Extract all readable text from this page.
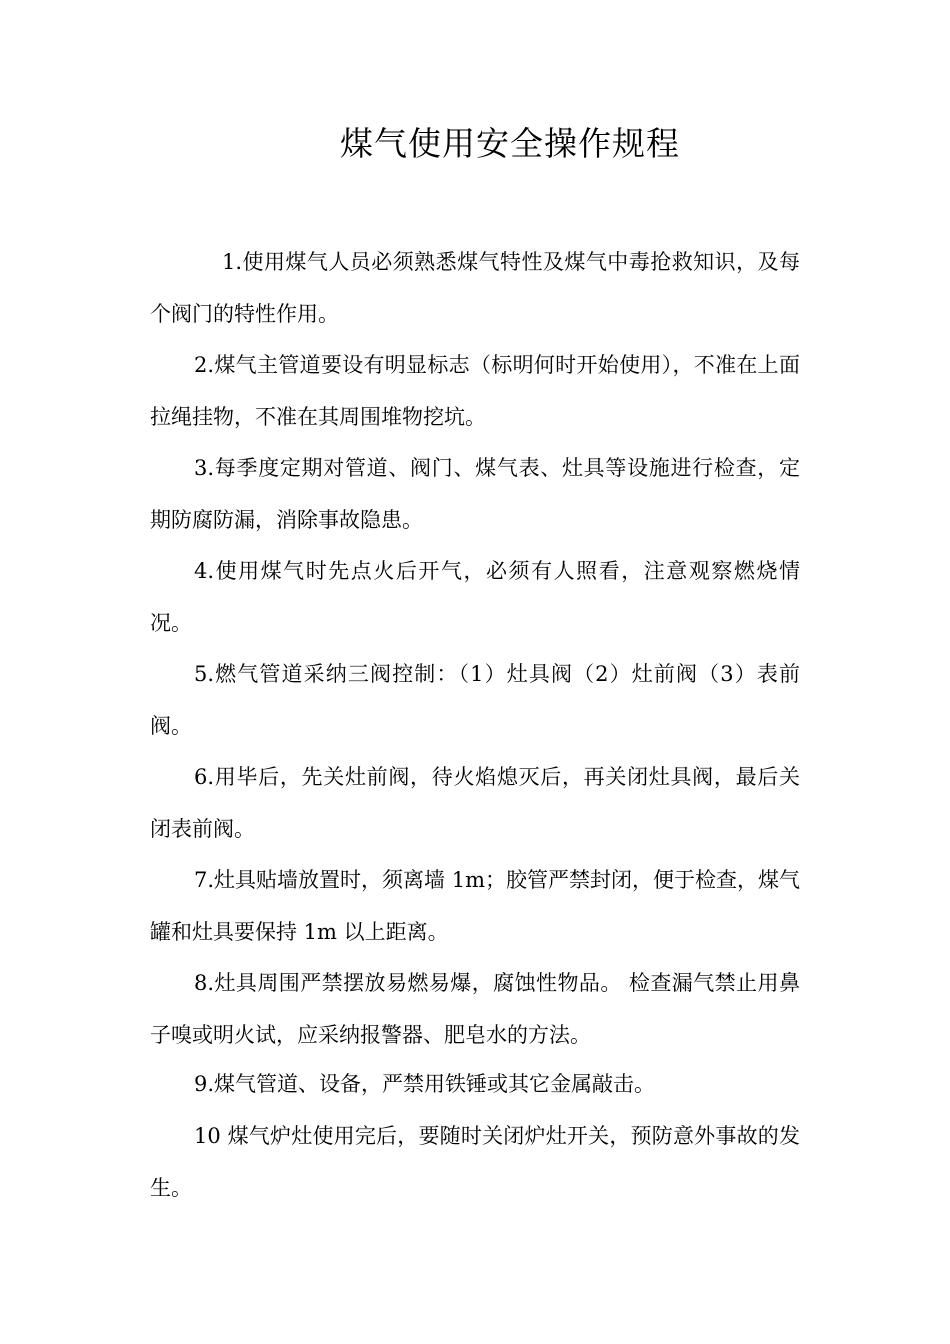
煤气使用安全操作规程

1.使用煤气人员必须熟悉煤气特性及煤气中毒抢救知识，及每个阀门的特性作用。

2.煤气主管道要设有明显标志（标明何时开始使用），不准在上面拉绳挂物，不准在其周围堆物挖坑。

3.每季度定期对管道、阀门、煤气表、灶具等设施进行检查，定期防腐防漏，消除事故隐患。

4.使用煤气时先点火后开气，必须有人照看，注意观察燃烧情况。

5.燃气管道采纳三阀控制：（1）灶具阀（2）灶前阀（3）表前阀。

6.用毕后，先关灶前阀，待火焰熄灭后，再关闭灶具阀，最后关闭表前阀。

7.灶具贴墙放置时，须离墙 1m；胶管严禁封闭，便于检查，煤气罐和灶具要保持 1m 以上距离。

8.灶具周围严禁摆放易燃易爆，腐蚀性物品。 检查漏气禁止用鼻子嗅或明火试，应采纳报警器、肥皂水的方法。

9.煤气管道、设备，严禁用铁锤或其它金属敲击。

10 煤气炉灶使用完后，要随时关闭炉灶开关，预防意外事故的发生。
